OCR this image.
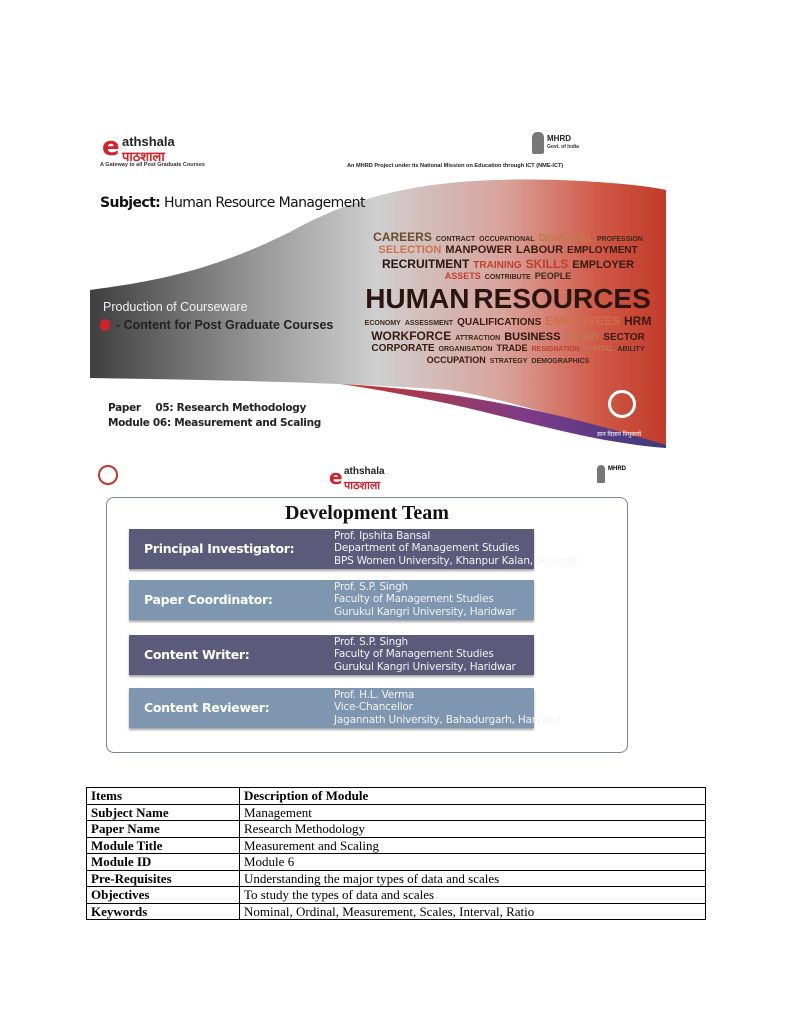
e athshala
पाठशाला
A Gateway to all Post Graduate Courses
MHRD
Govt. of India
An MHRD Project under its National Mission on Education through ICT (NME-ICT)
Subject: Human Resource Management
Production of Courseware
- Content for Post Graduate Courses
CAREERS CONTRACT OCCUPATIONAL DISMISSAL PROFESSION
SELECTION MANPOWER LABOUR EMPLOYMENT
RECRUITMENT TRAINING SKILLS EMPLOYER
ASSETS CONTRIBUTE PEOPLE
HUMAN RESOURCES
ECONOMY ASSESSMENT QUALIFICATIONS EMPLOYEES HRM
WORKFORCE ATTRACTION BUSINESS TALENT SECTOR
CORPORATE ORGANISATION TRADE RESIGNATION CAPITAL ABILITY
OCCUPATION STRATEGY DEMOGRAPHICS
Paper 05: Research Methodology
Module 06: Measurement and Scaling
ज्ञान विज्ञान विमुक्तये
e athshala
पाठशाला
MHRD
Development Team
Principal Investigator:
Prof. Ipshita Bansal
Department of Management Studies
BPS Women University, Khanpur Kalan, Sonepat
Paper Coordinator:
Prof. S.P. Singh
Faculty of Management Studies
Gurukul Kangri University, Haridwar
Content Writer:
Prof. S.P. Singh
Faculty of Management Studies
Gurukul Kangri University, Haridwar
Content Reviewer:
Prof. H.L. Verma
Vice-Chancellor
Jagannath University, Bahadurgarh, Haryana
Items	Description of Module
Subject Name	Management
Paper Name	Research Methodology
Module Title	Measurement and Scaling
Module ID	Module 6
Pre-Requisites	Understanding the major types of data and scales
Objectives	To study the types of data and scales
Keywords	Nominal, Ordinal, Measurement, Scales, Interval, Ratio
